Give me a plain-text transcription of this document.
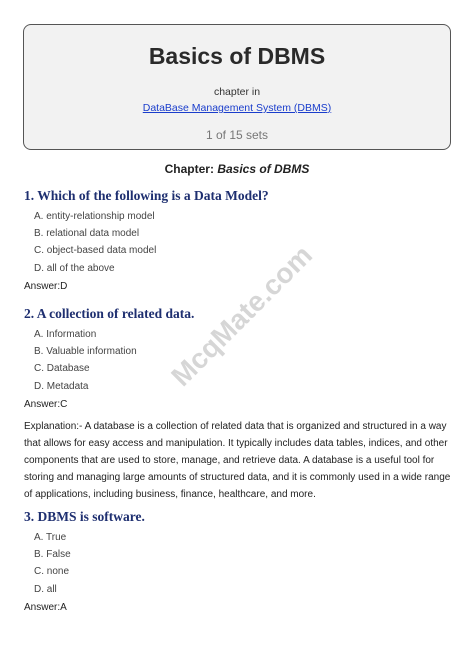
Basics of DBMS
chapter in
DataBase Management System (DBMS)
1 of 15 sets
Chapter: Basics of DBMS

1. Which of the following is a Data Model?

A. entity-relationship model
B. relational data model
C. object-based data model
D. all of the above
Answer:D

2. A collection of related data.

A. Information
B. Valuable information
C. Database
D. Metadata
Answer:C
Explanation:- A database is a collection of related data that is organized and structured in a way that allows for easy access and manipulation. It typically includes data tables, indices, and other components that are used to store, manage, and retrieve data. A database is a useful tool for storing and managing large amounts of structured data, and it is commonly used in a wide range of applications, including business, finance, healthcare, and more.

3. DBMS is software.

A. True
B. False
C. none
D. all
Answer:A
McqMate.com
